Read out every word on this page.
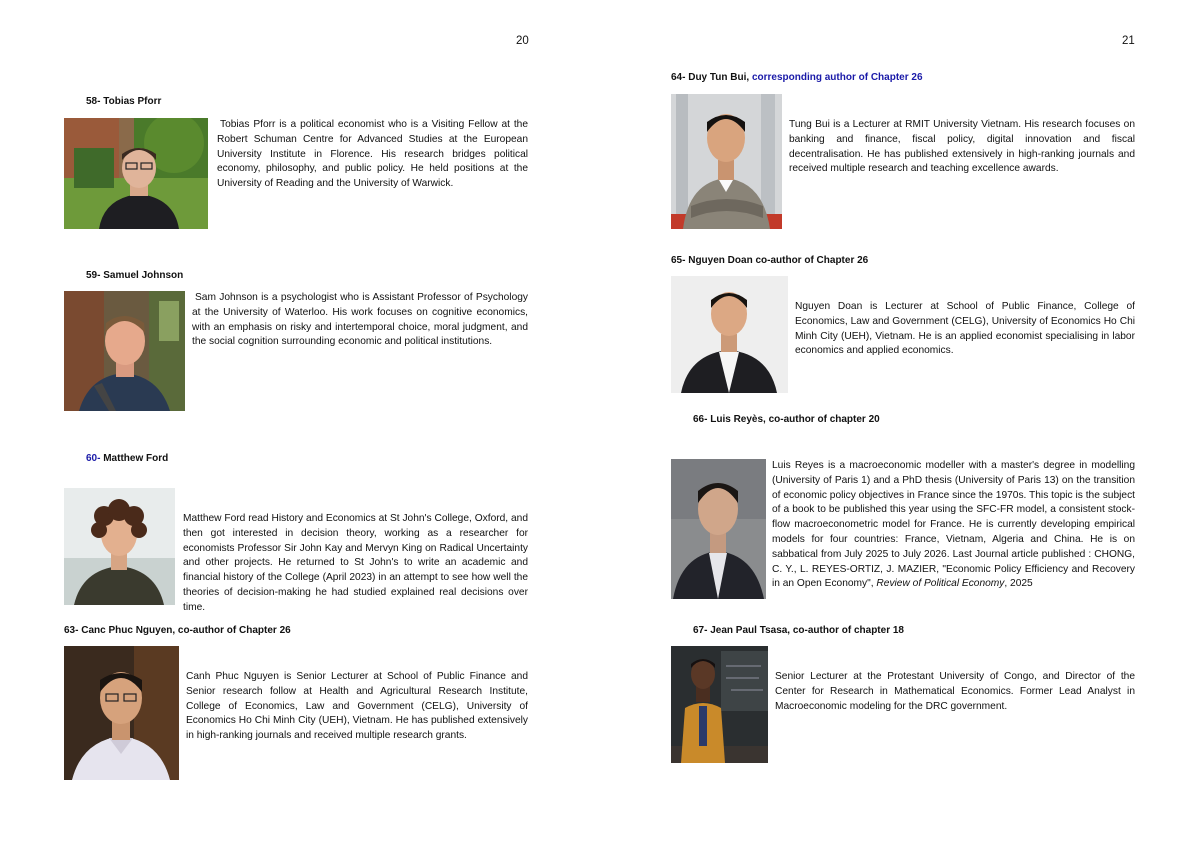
20	21
58- Tobias Pforr
Tobias Pforr is a political economist who is a Visiting Fellow at the Robert Schuman Centre for Advanced Studies at the European University Institute in Florence. His research bridges political economy, philosophy, and public policy. He held positions at the University of Reading and the University of Warwick.
59- Samuel Johnson
Sam Johnson is a psychologist who is Assistant Professor of Psychology at the University of Waterloo. His work focuses on cognitive economics, with an emphasis on risky and intertemporal choice, moral judgment, and the social cognition surrounding economic and political institutions.
60- Matthew Ford
Matthew Ford read History and Economics at St John's College, Oxford, and then got interested in decision theory, working as a researcher for economists Professor Sir John Kay and Mervyn King on Radical Uncertainty and other projects. He returned to St John's to write an academic and financial history of the College (April 2023) in an attempt to see how well the theories of decision-making he had studied explained real decisions over time.
63- Canc Phuc Nguyen, co-author of Chapter 26
Canh Phuc Nguyen is Senior Lecturer at School of Public Finance and Senior research follow at Health and Agricultural Research Institute, College of Economics, Law and Government (CELG), University of Economics Ho Chi Minh City (UEH), Vietnam. He has published extensively in high-ranking journals and received multiple research grants.
64- Duy Tun Bui, corresponding author of Chapter 26
Tung Bui is a Lecturer at RMIT University Vietnam. His research focuses on banking and finance, fiscal policy, digital innovation and fiscal decentralisation. He has published extensively in high-ranking journals and received multiple research and teaching excellence awards.
65- Nguyen Doan co-author of Chapter 26
Nguyen Doan is Lecturer at School of Public Finance, College of Economics, Law and Government (CELG), University of Economics Ho Chi Minh City (UEH), Vietnam. He is an applied economist specialising in labor economics and applied economics.
66- Luis Reyès, co-author of chapter 20
Luis Reyes is a macroeconomic modeller with a master's degree in modelling (University of Paris 1) and a PhD thesis (University of Paris 13) on the transition of economic policy objectives in France since the 1970s. This topic is the subject of a book to be published this year using the SFC-FR model, a consistent stock-flow macroeconometric model for France. He is currently developing empirical models for four countries: France, Vietnam, Algeria and China. He is on sabbatical from July 2025 to July 2026. Last Journal article published : CHONG, C. Y., L. REYES-ORTIZ, J. MAZIER, "Economic Policy Efficiency and Recovery in an Open Economy", Review of Political Economy, 2025
67- Jean Paul Tsasa, co-author of chapter 18
Senior Lecturer at the Protestant University of Congo, and Director of the Center for Research in Mathematical Economics. Former Lead Analyst in Macroeconomic modeling for the DRC government.
